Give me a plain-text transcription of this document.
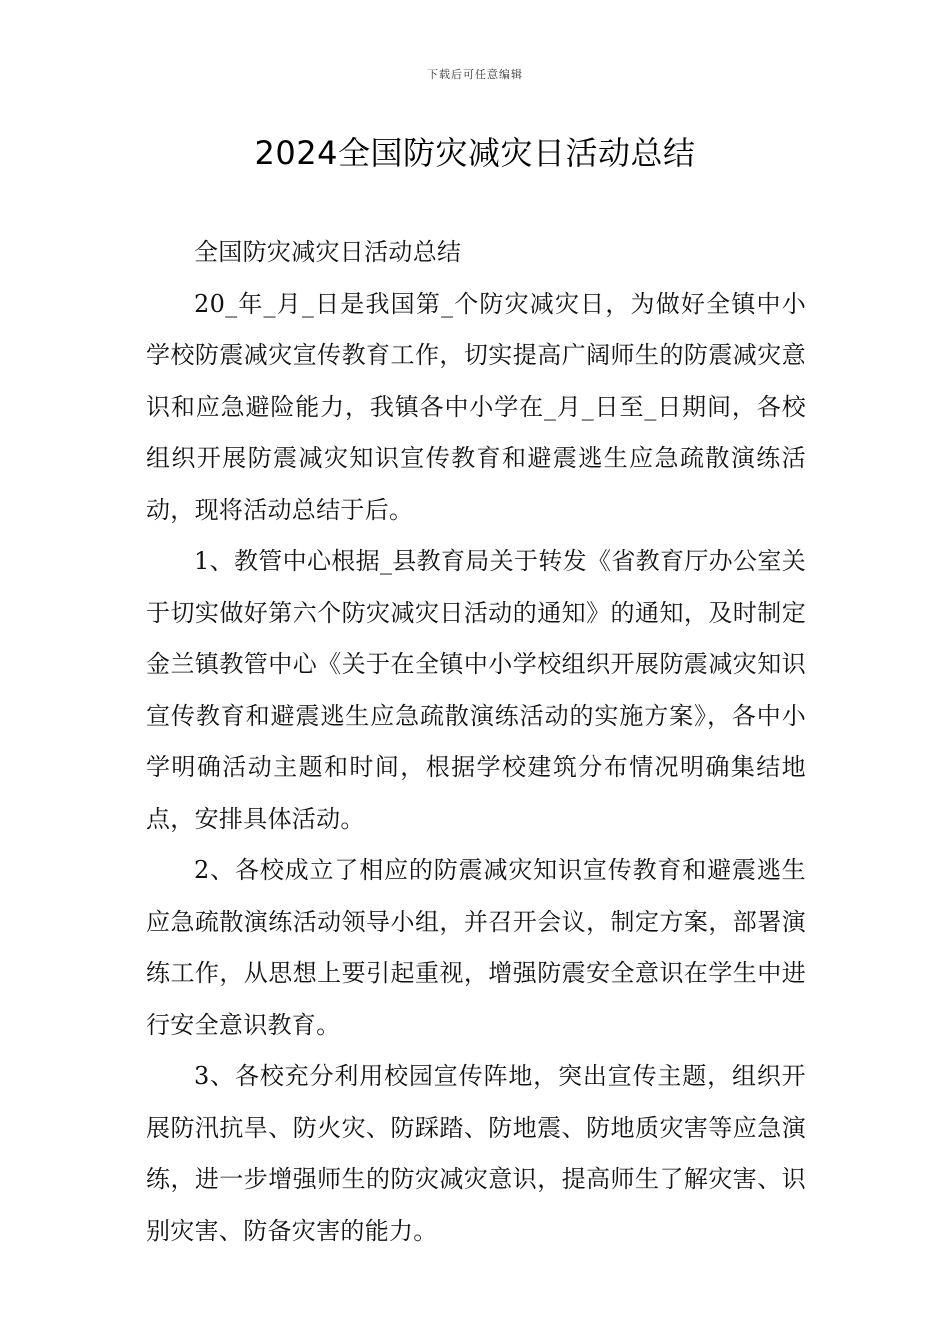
下载后可任意编辑
2024全国防灾减灾日活动总结

全国防灾减灾日活动总结

20_年_月_日是我国第_个防灾减灾日，为做好全镇中小学校防震减灾宣传教育工作，切实提高广阔师生的防震减灾意识和应急避险能力，我镇各中小学在_月_日至_日期间，各校组织开展防震减灾知识宣传教育和避震逃生应急疏散演练活动，现将活动总结于后。

1、教管中心根据_县教育局关于转发《省教育厅办公室关于切实做好第六个防灾减灾日活动的通知》的通知，及时制定金兰镇教管中心《关于在全镇中小学校组织开展防震减灾知识宣传教育和避震逃生应急疏散演练活动的实施方案》，各中小学明确活动主题和时间，根据学校建筑分布情况明确集结地点，安排具体活动。

2、各校成立了相应的防震减灾知识宣传教育和避震逃生应急疏散演练活动领导小组，并召开会议，制定方案，部署演练工作，从思想上要引起重视，增强防震安全意识在学生中进行安全意识教育。

3、各校充分利用校园宣传阵地，突出宣传主题，组织开展防汛抗旱、防火灾、防踩踏、防地震、防地质灾害等应急演练，进一步增强师生的防灾减灾意识，提高师生了解灾害、识别灾害、防备灾害的能力。
